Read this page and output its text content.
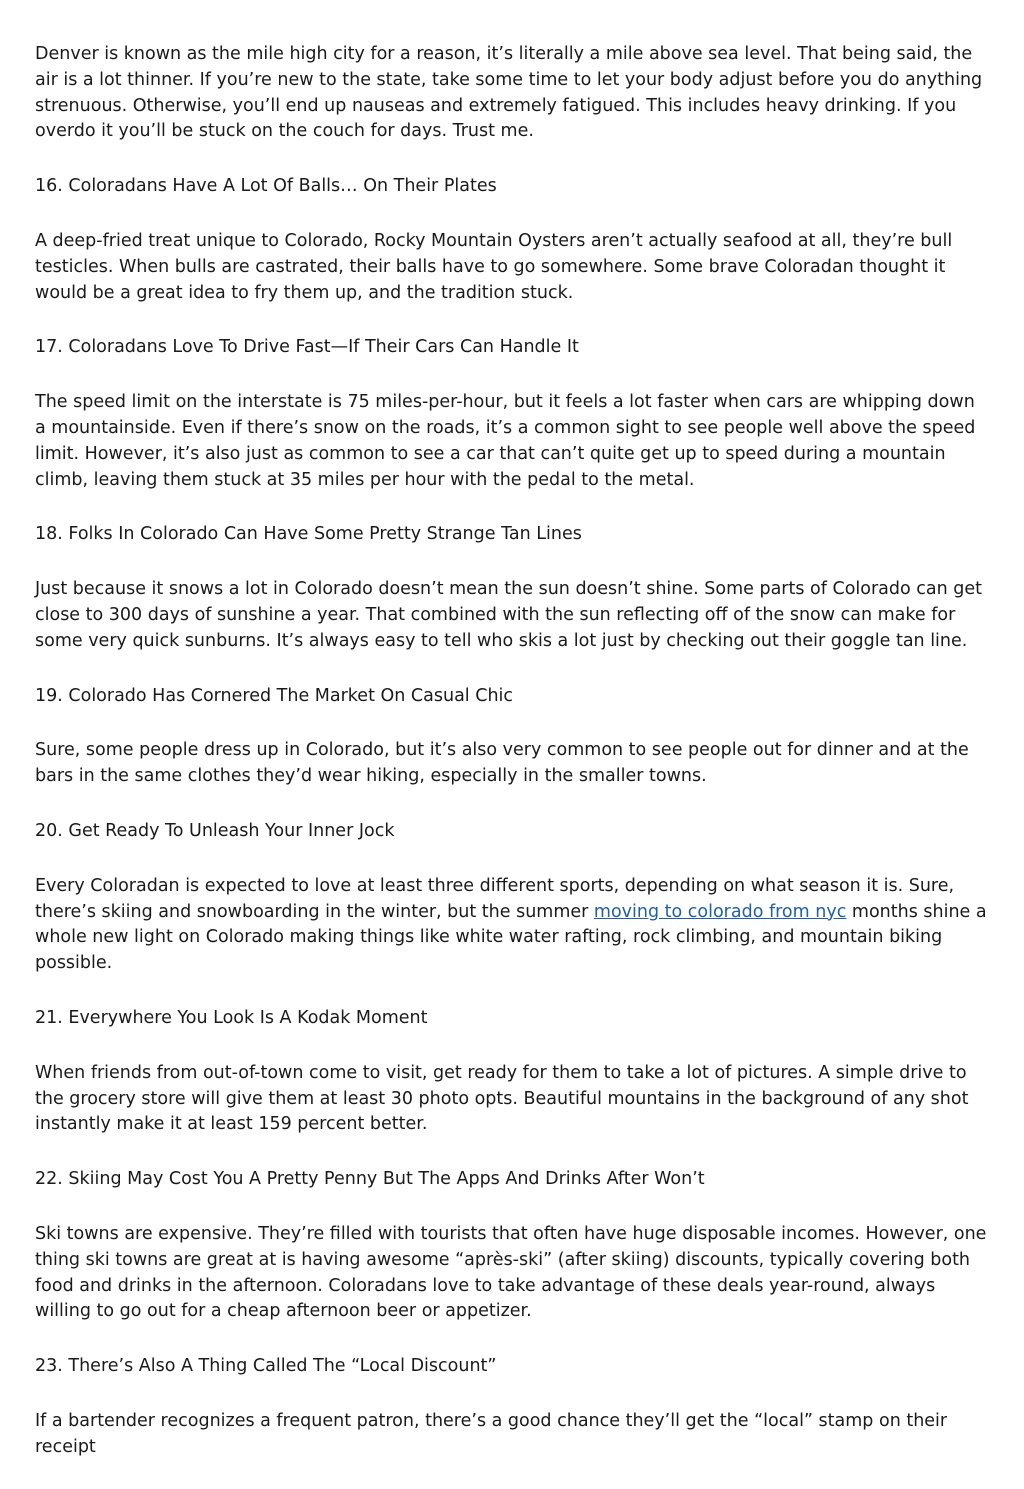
Denver is known as the mile high city for a reason, it’s literally a mile above sea level. That being said, the air is a lot thinner. If you’re new to the state, take some time to let your body adjust before you do anything strenuous. Otherwise, you’ll end up nauseas and extremely fatigued. This includes heavy drinking. If you overdo it you’ll be stuck on the couch for days. Trust me.

16. Coloradans Have A Lot Of Balls… On Their Plates

A deep-fried treat unique to Colorado, Rocky Mountain Oysters aren’t actually seafood at all, they’re bull testicles. When bulls are castrated, their balls have to go somewhere. Some brave Coloradan thought it would be a great idea to fry them up, and the tradition stuck.

17. Coloradans Love To Drive Fast—If Their Cars Can Handle It

The speed limit on the interstate is 75 miles-per-hour, but it feels a lot faster when cars are whipping down a mountainside. Even if there’s snow on the roads, it’s a common sight to see people well above the speed limit. However, it’s also just as common to see a car that can’t quite get up to speed during a mountain climb, leaving them stuck at 35 miles per hour with the pedal to the metal.

18. Folks In Colorado Can Have Some Pretty Strange Tan Lines

Just because it snows a lot in Colorado doesn’t mean the sun doesn’t shine. Some parts of Colorado can get close to 300 days of sunshine a year. That combined with the sun reflecting off of the snow can make for some very quick sunburns. It’s always easy to tell who skis a lot just by checking out their goggle tan line.

19. Colorado Has Cornered The Market On Casual Chic

Sure, some people dress up in Colorado, but it’s also very common to see people out for dinner and at the bars in the same clothes they’d wear hiking, especially in the smaller towns.

20. Get Ready To Unleash Your Inner Jock

Every Coloradan is expected to love at least three different sports, depending on what season it is. Sure, there’s skiing and snowboarding in the winter, but the summer moving to colorado from nyc months shine a whole new light on Colorado making things like white water rafting, rock climbing, and mountain biking possible.

21. Everywhere You Look Is A Kodak Moment

When friends from out-of-town come to visit, get ready for them to take a lot of pictures. A simple drive to the grocery store will give them at least 30 photo opts. Beautiful mountains in the background of any shot instantly make it at least 159 percent better.

22. Skiing May Cost You A Pretty Penny But The Apps And Drinks After Won’t

Ski towns are expensive. They’re filled with tourists that often have huge disposable incomes. However, one thing ski towns are great at is having awesome “après-ski” (after skiing) discounts, typically covering both food and drinks in the afternoon. Coloradans love to take advantage of these deals year-round, always willing to go out for a cheap afternoon beer or appetizer.

23. There’s Also A Thing Called The “Local Discount”

If a bartender recognizes a frequent patron, there’s a good chance they’ll get the “local” stamp on their receipt
